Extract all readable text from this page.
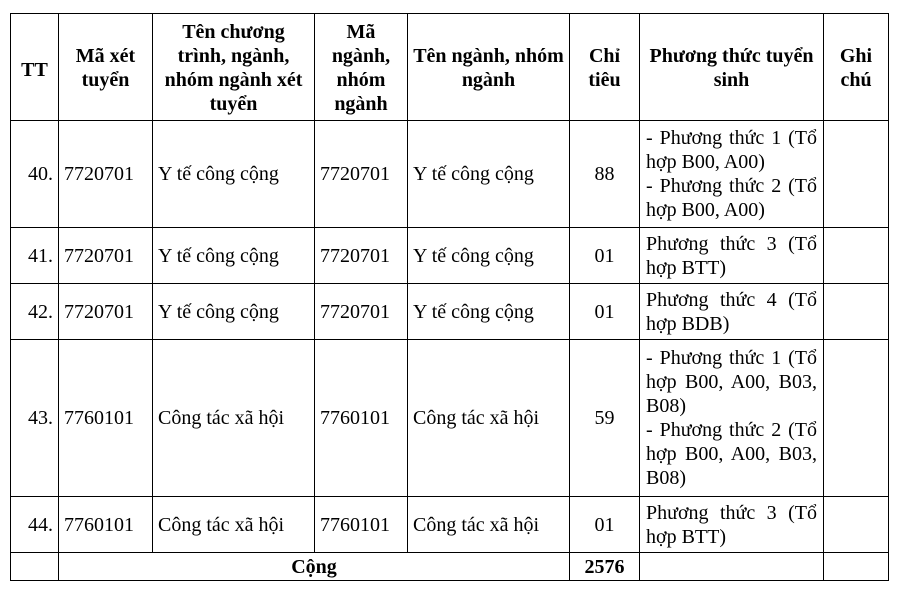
TT	Mã xét tuyển	Tên chương trình, ngành, nhóm ngành xét tuyển	Mã ngành, nhóm ngành	Tên ngành, nhóm ngành	Chỉ tiêu	Phương thức tuyển sinh	Ghi chú
40.	7720701	Y tế công cộng	7720701	Y tế công cộng	88	- Phương thức 1 (Tổ hợp B00, A00)

- Phương thức 2 (Tổ hợp B00, A00)	

41.	7720701	Y tế công cộng	7720701	Y tế công cộng	01	Phương thức 3 (Tổ hợp BTT)	

42.	7720701	Y tế công cộng	7720701	Y tế công cộng	01	Phương thức 4 (Tổ hợp BDB)	

43.	7760101	Công tác xã hội	7760101	Công tác xã hội	59	- Phương thức 1 (Tổ hợp B00, A00, B03, B08)

- Phương thức 2 (Tổ hợp B00, A00, B03, B08)	

44.	7760101	Công tác xã hội	7760101	Công tác xã hội	01	Phương thức 3 (Tổ hợp BTT)	

	Cộng				2576		
